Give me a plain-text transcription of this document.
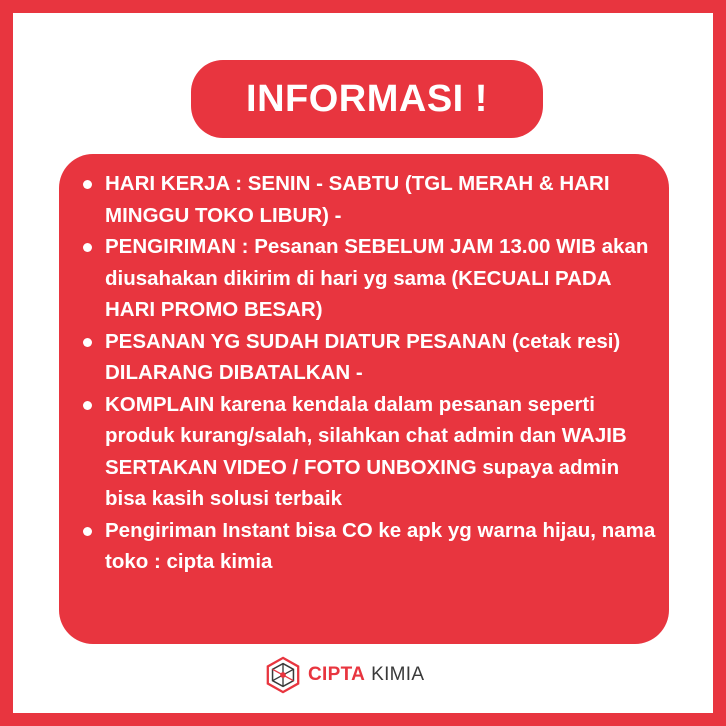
INFORMASI !
HARI KERJA : SENIN - SABTU (TGL MERAH & HARI MINGGU TOKO LIBUR) -
PENGIRIMAN : Pesanan SEBELUM JAM 13.00 WIB akan diusahakan dikirim di hari yg sama (KECUALI PADA HARI PROMO BESAR)
PESANAN YG SUDAH DIATUR PESANAN (cetak resi) DILARANG DIBATALKAN -
KOMPLAIN karena kendala dalam pesanan seperti produk kurang/salah, silahkan chat admin dan WAJIB SERTAKAN VIDEO / FOTO UNBOXING supaya admin bisa kasih solusi terbaik
Pengiriman Instant bisa CO ke apk yg warna hijau, nama toko : cipta kimia
CIPTA KIMIA
